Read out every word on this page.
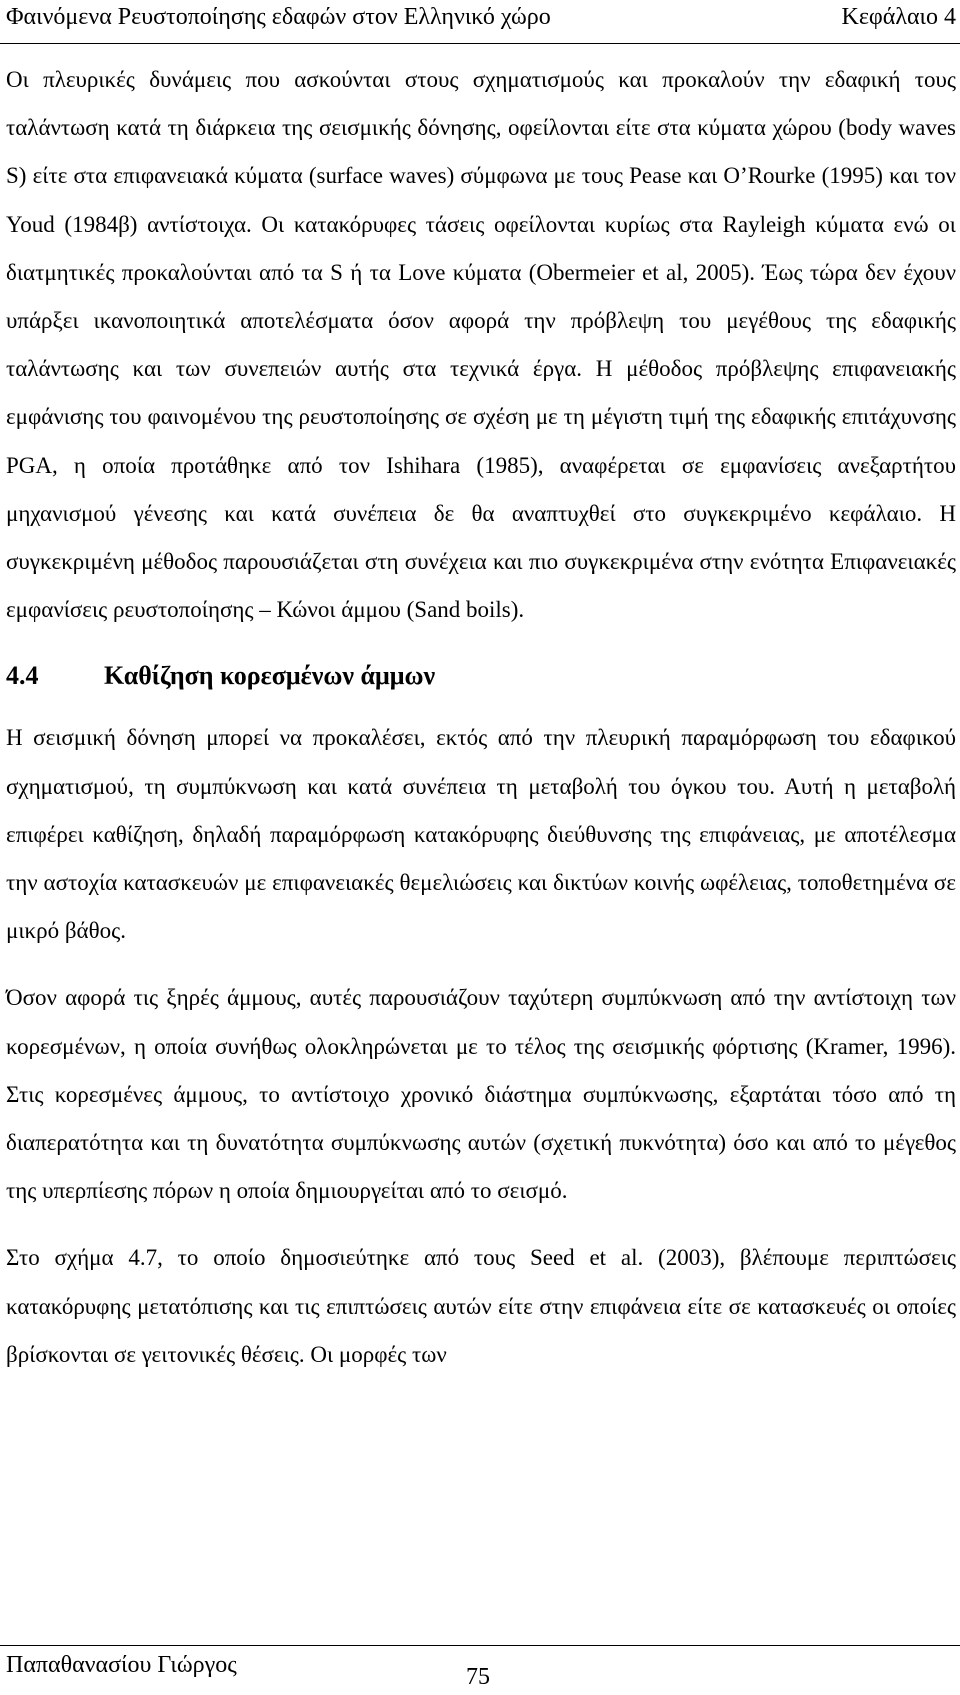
Φαινόμενα Ρευστοποίησης εδαφών στον Ελληνικό χώρο	Κεφάλαιο 4

Οι πλευρικές δυνάμεις που ασκούνται στους σχηματισμούς και προκαλούν την εδαφική τους ταλάντωση κατά τη διάρκεια της σεισμικής δόνησης, οφείλονται είτε στα κύματα χώρου (body waves S) είτε στα επιφανειακά κύματα (surface waves) σύμφωνα με τους Pease και O’Rourke (1995) και τον Youd (1984β) αντίστοιχα. Οι κατακόρυφες τάσεις οφείλονται κυρίως στα Rayleigh κύματα ενώ οι διατμητικές προκαλούνται από τα S ή τα Love κύματα (Obermeier et al, 2005). Έως τώρα δεν έχουν υπάρξει ικανοποιητικά αποτελέσματα όσον αφορά την πρόβλεψη του μεγέθους της εδαφικής ταλάντωσης και των συνεπειών αυτής στα τεχνικά έργα. Η μέθοδος πρόβλεψης επιφανειακής εμφάνισης του φαινομένου της ρευστοποίησης σε σχέση με τη μέγιστη τιμή της εδαφικής επιτάχυνσης PGA, η οποία προτάθηκε από τον Ishihara (1985), αναφέρεται σε εμφανίσεις ανεξαρτήτου μηχανισμού γένεσης και κατά συνέπεια δε θα αναπτυχθεί στο συγκεκριμένο κεφάλαιο. Η συγκεκριμένη μέθοδος παρουσιάζεται στη συνέχεια και πιο συγκεκριμένα στην ενότητα Επιφανειακές εμφανίσεις ρευστοποίησης – Κώνοι άμμου (Sand boils).

4.4	Καθίζηση κορεσμένων άμμων

Η σεισμική δόνηση μπορεί να προκαλέσει, εκτός από την πλευρική παραμόρφωση του εδαφικού σχηματισμού, τη συμπύκνωση και κατά συνέπεια τη μεταβολή του όγκου του. Αυτή η μεταβολή επιφέρει καθίζηση, δηλαδή παραμόρφωση κατακόρυφης διεύθυνσης της επιφάνειας, με αποτέλεσμα την αστοχία κατασκευών με επιφανειακές θεμελιώσεις και δικτύων κοινής ωφέλειας, τοποθετημένα σε μικρό βάθος.

Όσον αφορά τις ξηρές άμμους, αυτές παρουσιάζουν ταχύτερη συμπύκνωση από την αντίστοιχη των κορεσμένων, η οποία συνήθως ολοκληρώνεται με το τέλος της σεισμικής φόρτισης (Kramer, 1996). Στις κορεσμένες άμμους, το αντίστοιχο χρονικό διάστημα συμπύκνωσης, εξαρτάται τόσο από τη διαπερατότητα και τη δυνατότητα συμπύκνωσης αυτών (σχετική πυκνότητα) όσο και από το μέγεθος της υπερπίεσης πόρων η οποία δημιουργείται από το σεισμό.

Στο σχήμα 4.7, το οποίο δημοσιεύτηκε από τους Seed et al. (2003), βλέπουμε περιπτώσεις κατακόρυφης μετατόπισης και τις επιπτώσεις αυτών είτε στην επιφάνεια είτε σε κατασκευές οι οποίες βρίσκονται σε γειτονικές θέσεις. Οι μορφές των

Παπαθανασίου Γιώργος	75
